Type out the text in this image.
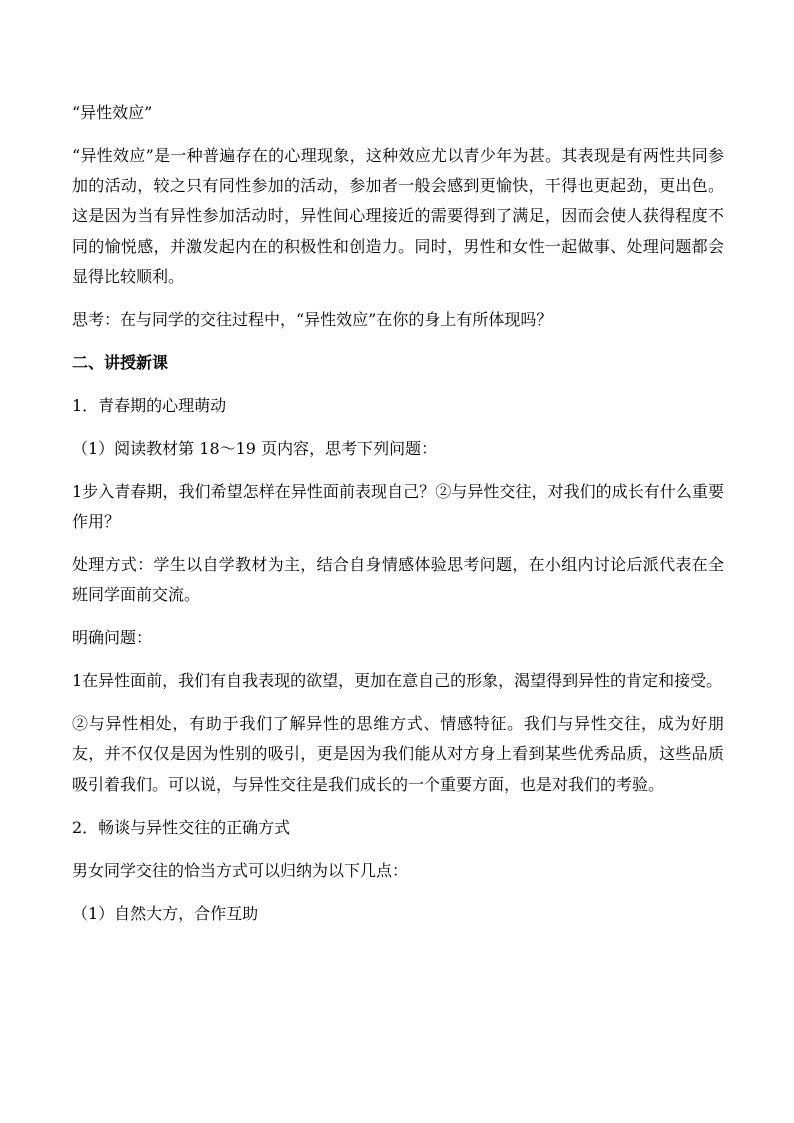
“异性效应”

“异性效应”是一种普遍存在的心理现象，这种效应尤以青少年为甚。其表现是有两性共同参加的活动，较之只有同性参加的活动，参加者一般会感到更愉快，干得也更起劲，更出色。这是因为当有异性参加活动时，异性间心理接近的需要得到了满足，因而会使人获得程度不同的愉悦感，并激发起内在的积极性和创造力。同时，男性和女性一起做事、处理问题都会显得比较顺利。

思考：在与同学的交往过程中，“异性效应”在你的身上有所体现吗？

二、讲授新课

1．青春期的心理萌动

（1）阅读教材第 18～19 页内容，思考下列问题：

1步入青春期，我们希望怎样在异性面前表现自己？②与异性交往，对我们的成长有什么重要作用？

处理方式：学生以自学教材为主，结合自身情感体验思考问题，在小组内讨论后派代表在全班同学面前交流。

明确问题：

1在异性面前，我们有自我表现的欲望，更加在意自己的形象，渴望得到异性的肯定和接受。

②与异性相处，有助于我们了解异性的思维方式、情感特征。我们与异性交往，成为好朋友，并不仅仅是因为性别的吸引，更是因为我们能从对方身上看到某些优秀品质，这些品质吸引着我们。可以说，与异性交往是我们成长的一个重要方面，也是对我们的考验。

2．畅谈与异性交往的正确方式

男女同学交往的恰当方式可以归纳为以下几点：

（1）自然大方，合作互助
